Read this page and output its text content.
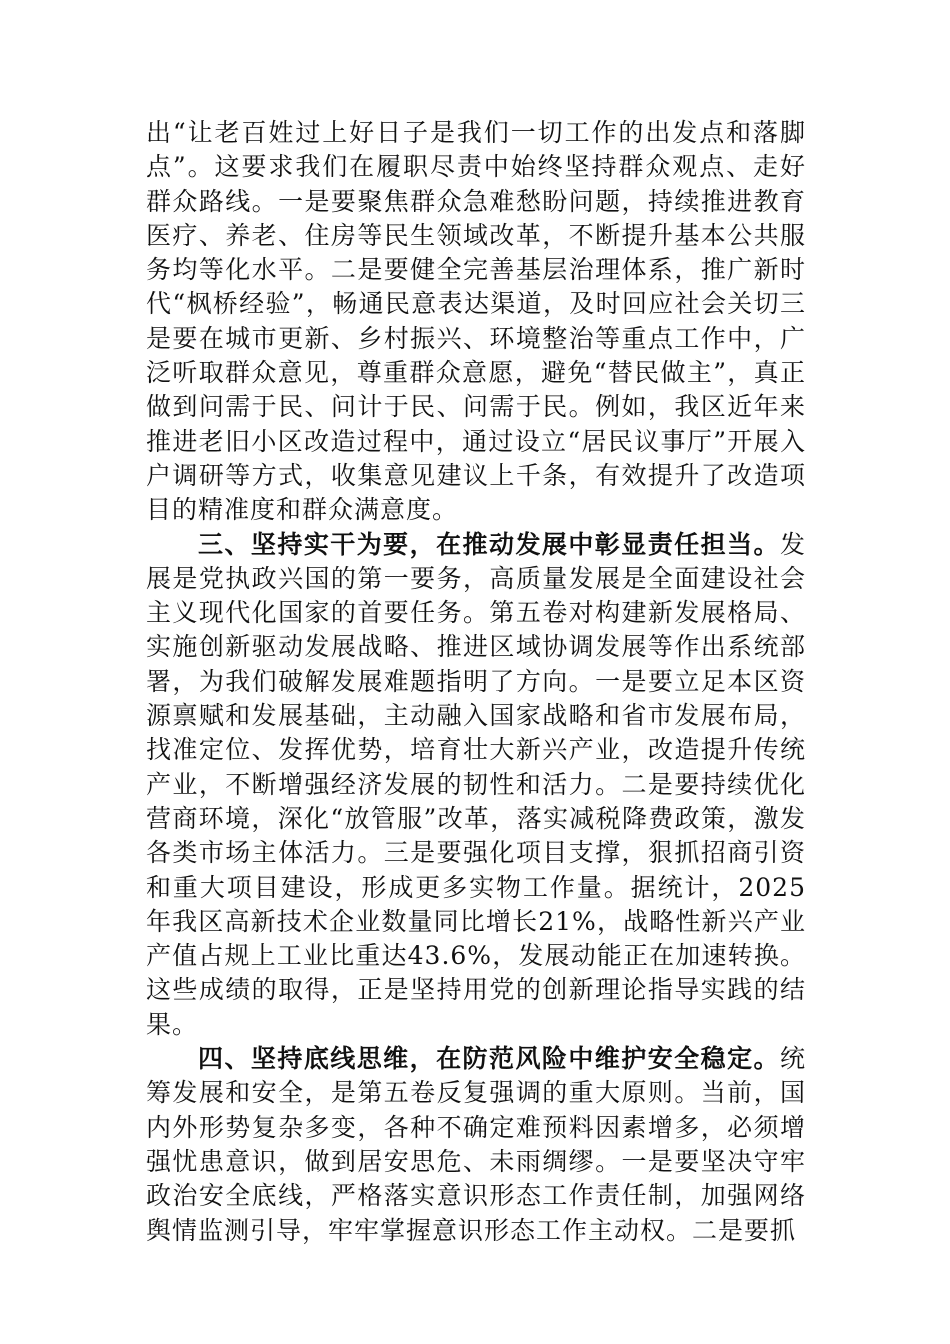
出“让老百姓过上好日子是我们一切工作的出发点和落脚点”。这要求我们在履职尽责中始终坚持群众观点、走好群众路线。一是要聚焦群众急难愁盼问题，持续推进教育医疗、养老、住房等民生领域改革，不断提升基本公共服务均等化水平。二是要健全完善基层治理体系，推广新时代“枫桥经验”，畅通民意表达渠道，及时回应社会关切三是要在城市更新、乡村振兴、环境整治等重点工作中，广泛听取群众意见，尊重群众意愿，避免“替民做主”，真正做到问需于民、问计于民、问需于民。例如，我区近年来推进老旧小区改造过程中，通过设立“居民议事厅”开展入户调研等方式，收集意见建议上千条，有效提升了改造项目的精准度和群众满意度。

三、坚持实干为要，在推动发展中彰显责任担当。发展是党执政兴国的第一要务，高质量发展是全面建设社会主义现代化国家的首要任务。第五卷对构建新发展格局、实施创新驱动发展战略、推进区域协调发展等作出系统部署，为我们破解发展难题指明了方向。一是要立足本区资源禀赋和发展基础，主动融入国家战略和省市发展布局，找准定位、发挥优势，培育壮大新兴产业，改造提升传统产业，不断增强经济发展的韧性和活力。二是要持续优化营商环境，深化“放管服”改革，落实减税降费政策，激发各类市场主体活力。三是要强化项目支撑，狠抓招商引资和重大项目建设，形成更多实物工作量。据统计，2025年我区高新技术企业数量同比增长21%，战略性新兴产业产值占规上工业比重达43.6%，发展动能正在加速转换。这些成绩的取得，正是坚持用党的创新理论指导实践的结果。

四、坚持底线思维，在防范风险中维护安全稳定。统筹发展和安全，是第五卷反复强调的重大原则。当前，国内外形势复杂多变，各种不确定难预料因素增多，必须增强忧患意识，做到居安思危、未雨绸缪。一是要坚决守牢政治安全底线，严格落实意识形态工作责任制，加强网络舆情监测引导，牢牢掌握意识形态工作主动权。二是要抓
